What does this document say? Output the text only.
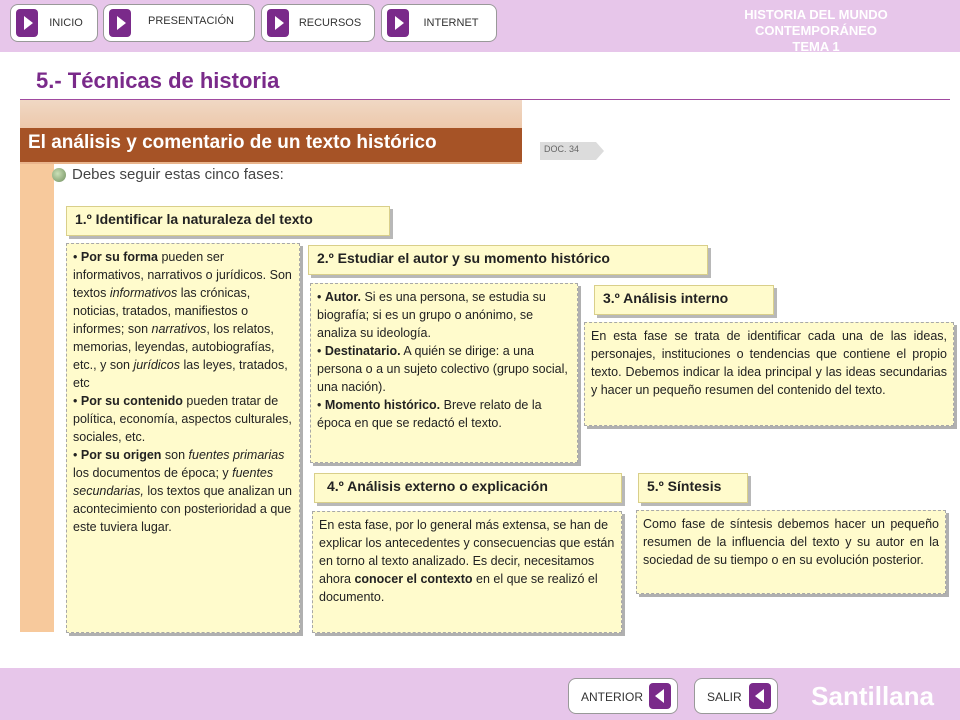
INICIO	PRESENTACIÓN	RECURSOS	INTERNET
HISTORIA DEL MUNDO CONTEMPORÁNEO
TEMA 1
5.- Técnicas de historia
El análisis y comentario de un texto histórico	DOC. 34
Debes seguir estas cinco fases:
1.º Identificar la naturaleza del texto

• Por su forma pueden ser informativos, narrativos o jurídicos. Son textos informativos las crónicas, noticias, tratados, manifiestos o informes; son narrativos, los relatos, memorias, leyendas, autobiografías, etc., y son jurídicos las leyes, tratados, etc

• Por su contenido pueden tratar de política, economía, aspectos culturales, sociales, etc.

• Por su origen son fuentes primarias los documentos de época; y fuentes secundarias, los textos que analizan un acontecimiento con posterioridad a que este tuviera lugar.

2.º Estudiar el autor y su momento histórico

• Autor. Si es una persona, se estudia su biografía; si es un grupo o anónimo, se analiza su ideología.

• Destinatario. A quién se dirige: a una persona o a un sujeto colectivo (grupo social, una nación).

• Momento histórico. Breve relato de la época en que se redactó el texto.

3.º Análisis interno

En esta fase se trata de identificar cada una de las ideas, personajes, instituciones o tendencias que contiene el propio texto. Debemos indicar la idea principal y las ideas secundarias y hacer un pequeño resumen del contenido del texto.

4.º Análisis externo o explicación

En esta fase, por lo general más extensa, se han de explicar los antecedentes y consecuencias que están en torno al texto analizado. Es decir, necesitamos ahora conocer el contexto en el que se realizó el documento.

5.º Síntesis

Como fase de síntesis debemos hacer un pequeño resumen de la influencia del texto y su autor en la sociedad de su tiempo o en su evolución posterior.

ANTERIOR	SALIR	Santillana
